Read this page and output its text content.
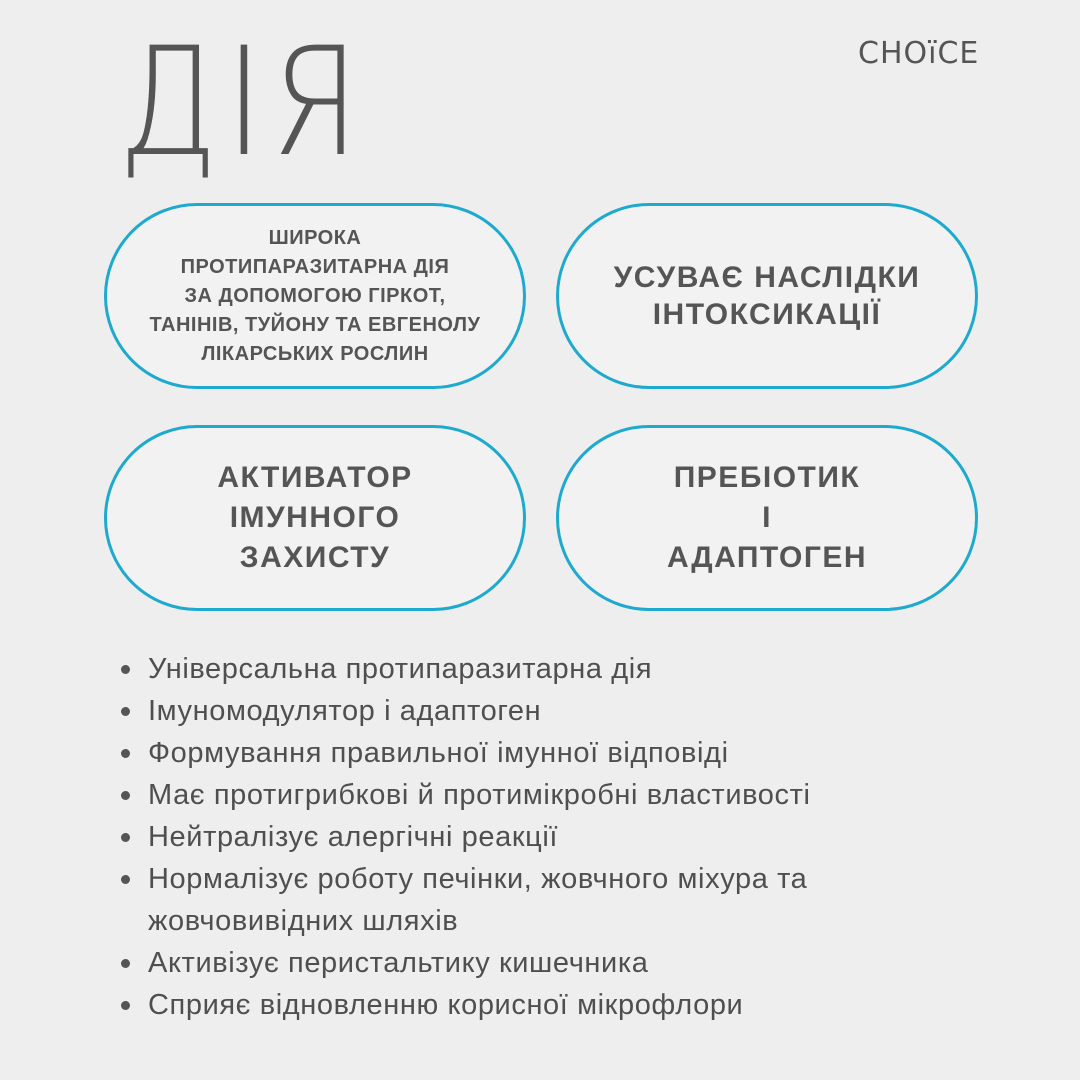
ДІЯ	CHOїCE
ШИРОКА
ПРОТИПАРАЗИТАРНА ДІЯ
ЗА ДОПОМОГОЮ ГІРКОТ,
ТАНІНІВ, ТУЙОНУ ТА ЕВГЕНОЛУ
ЛІКАРСЬКИХ РОСЛИН
УСУВАЄ НАСЛІДКИ
ІНТОКСИКАЦІЇ
АКТИВАТОР
ІМУННОГО
ЗАХИСТУ
ПРЕБІОТИК
І
АДАПТОГЕН
Універсальна протипаразитарна дія
Імуномодулятор і адаптоген
Формування правильної імунної відповіді
Має протигрибкові й протимікробні властивості
Нейтралізує алергічні реакції
Нормалізує роботу печінки, жовчного міхура та жовчовивідних шляхів
Активізує перистальтику кишечника
Сприяє відновленню корисної мікрофлори
